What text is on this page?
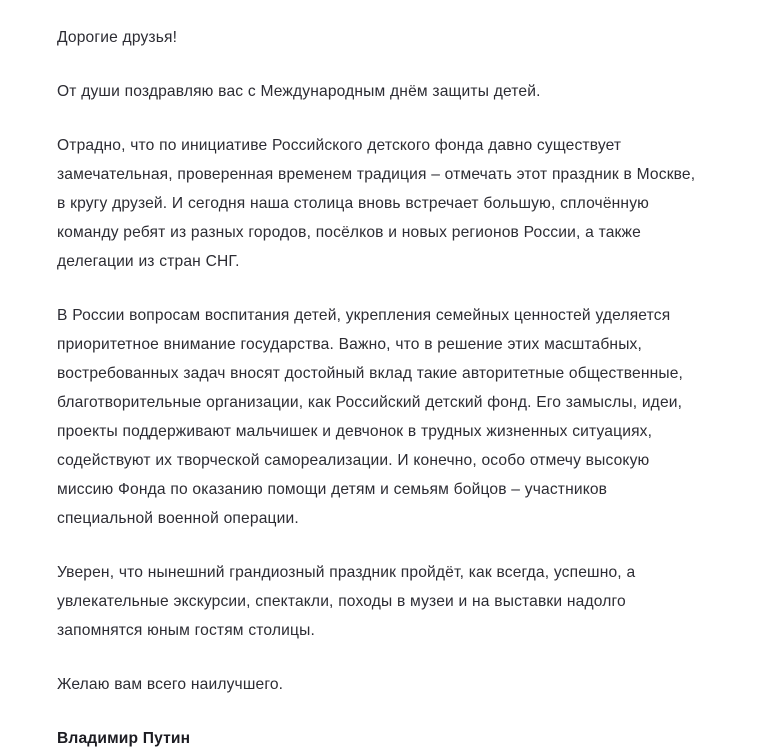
Дорогие друзья!

От души поздравляю вас с Международным днём защиты детей.

Отрадно, что по инициативе Российского детского фонда давно существует замечательная, проверенная временем традиция – отмечать этот праздник в Москве, в кругу друзей. И сегодня наша столица вновь встречает большую, сплочённую команду ребят из разных городов, посёлков и новых регионов России, а также делегации из стран СНГ.

В России вопросам воспитания детей, укрепления семейных ценностей уделяется приоритетное внимание государства. Важно, что в решение этих масштабных, востребованных задач вносят достойный вклад такие авторитетные общественные, благотворительные организации, как Российский детский фонд. Его замыслы, идеи, проекты поддерживают мальчишек и девчонок в трудных жизненных ситуациях, содействуют их творческой самореализации. И конечно, особо отмечу высокую миссию Фонда по оказанию помощи детям и семьям бойцов – участников специальной военной операции.

Уверен, что нынешний грандиозный праздник пройдёт, как всегда, успешно, а увлекательные экскурсии, спектакли, походы в музеи и на выставки надолго запомнятся юным гостям столицы.

Желаю вам всего наилучшего.

Владимир Путин
